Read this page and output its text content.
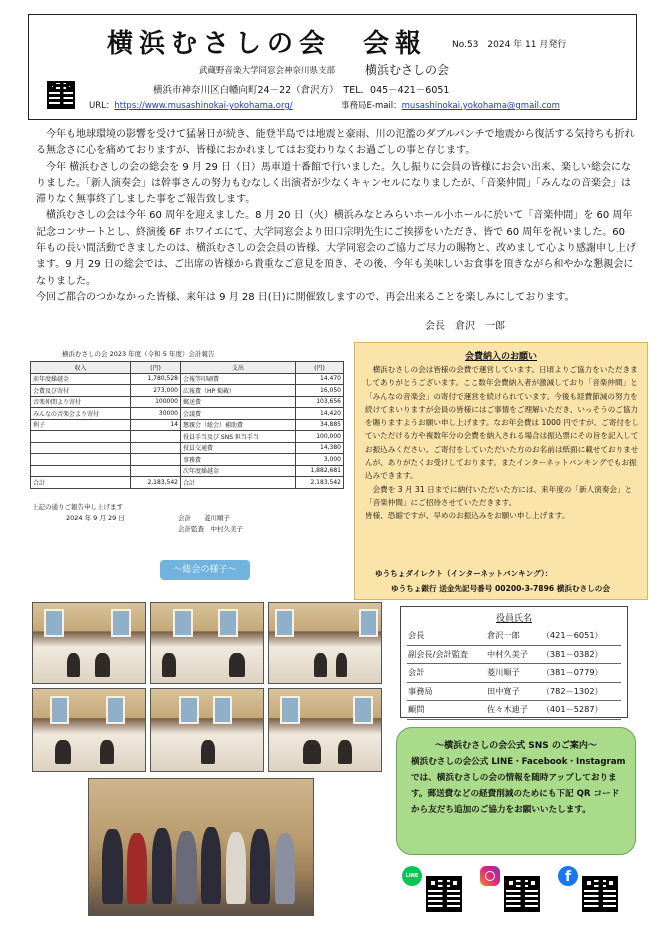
横浜むさしの会　会報	No.53　2024 年 11 月発行
武蔵野音楽大学同窓会神奈川県支部 横浜むさしの会
横浜市神奈川区白幡向町24－22（倉沢方）　TEL．045－421－6051
URL：https://www.musashinokai-yokohama.org/	事務局E-mail：musashinokai.yokohama@gmail.com

今年も地球環境の影響を受けて猛暑日が続き、能登半島では地震と豪雨、川の氾濫のダブルパンチで地震から復活する気持ちも折れる無念さに心を痛めておりますが、皆様におかれましてはお変わりなくお過ごしの事と存じます。

今年 横浜むさしの会の総会を 9 月 29 日（日）馬車道十番館で行いました。久し振りに会員の皆様にお会い出来、楽しい総会になりました。「新人演奏会」は幹事さんの努力もむなしく出演者が少なくキャンセルになりましたが、「音楽仲間」「みんなの音楽会」は滞りなく無事終了しました事をご報告致します。

横浜むさしの会は今年 60 周年を迎えました。8 月 20 日（火）横浜みなとみらいホール小ホールに於いて「音楽仲間」を 60 周年記念コンサートとし、終演後 6F ホワイエにて、大学同窓会より田口宗明先生にご挨拶をいただき、皆で 60 周年を祝いました。60 年もの長い間活動できましたのは、横浜むさしの会会員の皆様、大学同窓会のご協力ご尽力の賜物と、改めまして心より感謝申し上げます。9 月 29 日の総会では、ご出席の皆様から貴重なご意見を頂き、その後、今年も美味しいお食事を頂きながら和やかな懇親会になりました。

今回ご都合のつかなかった皆様、来年は 9 月 28 日(日)に開催致しますので、再会出来ることを楽しみにしております。

会長　倉沢　一郎
横浜むさしの会 2023 年度（令和 5 年度）会計報告
収入	(円)	支出	(円)
前年度繰越金	1,780,528	会報等印刷費	14,470
会費及び寄付	273,000	広報費（HP 掲載）	16,050
音楽仲間より寄付	100000	郵送費	103,656
みんなの音楽会より寄付	30000	会議費	14,420
利子	14	懇親会（総会）補助費	34,885
		役員手当及び SNS 担当手当	100,000
		役員交通費	14,380
		事務費	3,000
		次年度繰越金	1,882,681
合計	2,183,542	合計	2,183,542
上記の通りご報告申し上げます
2024 年 9 月 29 日	会計　　菱川順子
会計監査　中村久美子
会費納入のお願い

横浜むさしの会は皆様の会費で運営しています。日頃よりご協力をいただきましてありがとうございます。ここ数年会費納入者が激減しており「音楽仲間」と「みんなの音楽会」の寄付で運営を続けられています。今後も経費節減の努力を続けてまいりますが会員の皆様にはご事情をご理解いただき、いっそうのご協力を賜りますようお願い申し上げます。なお年会費は 1000 円ですが、ご寄付をしていただける方や複数年分の会費を納入される場合は振込票にその旨を記入してお振込みください。ご寄付をしていただいた方のお名前は紙面に載せておりませんが、ありがたくお受けしております。またインターネットバンキングでもお振込みできます。

会費を 3 月 31 日までに納付いただいた方には、来年度の「新人演奏会」と「音楽仲間」にご招待させていただきます。

皆様、恐縮ですが、早めのお振込みをお願い申し上げます。

ゆうちょダイレクト（インターネットバンキング）：
ゆうちょ銀行 送金先記号番号 00200-3-7896 横浜むさしの会
～総会の様子～
役員氏名
会長	倉沢一郎	（421－6051）
副会長/会計監査	中村久美子	（381－0382）
会計	菱川順子	（381－0779）
事務局	田中寛子	（782－1302）
顧問	佐々木迪子	（401－5287）
～横浜むさしの会公式 SNS のご案内～
横浜むさしの会公式 LINE・Facebook・Instagram では、横浜むさしの会の情報を随時アップしております。郵送費などの経費削減のためにも下記 QR コードから友だち追加のご協力をお願いいたします。
LINE	f
